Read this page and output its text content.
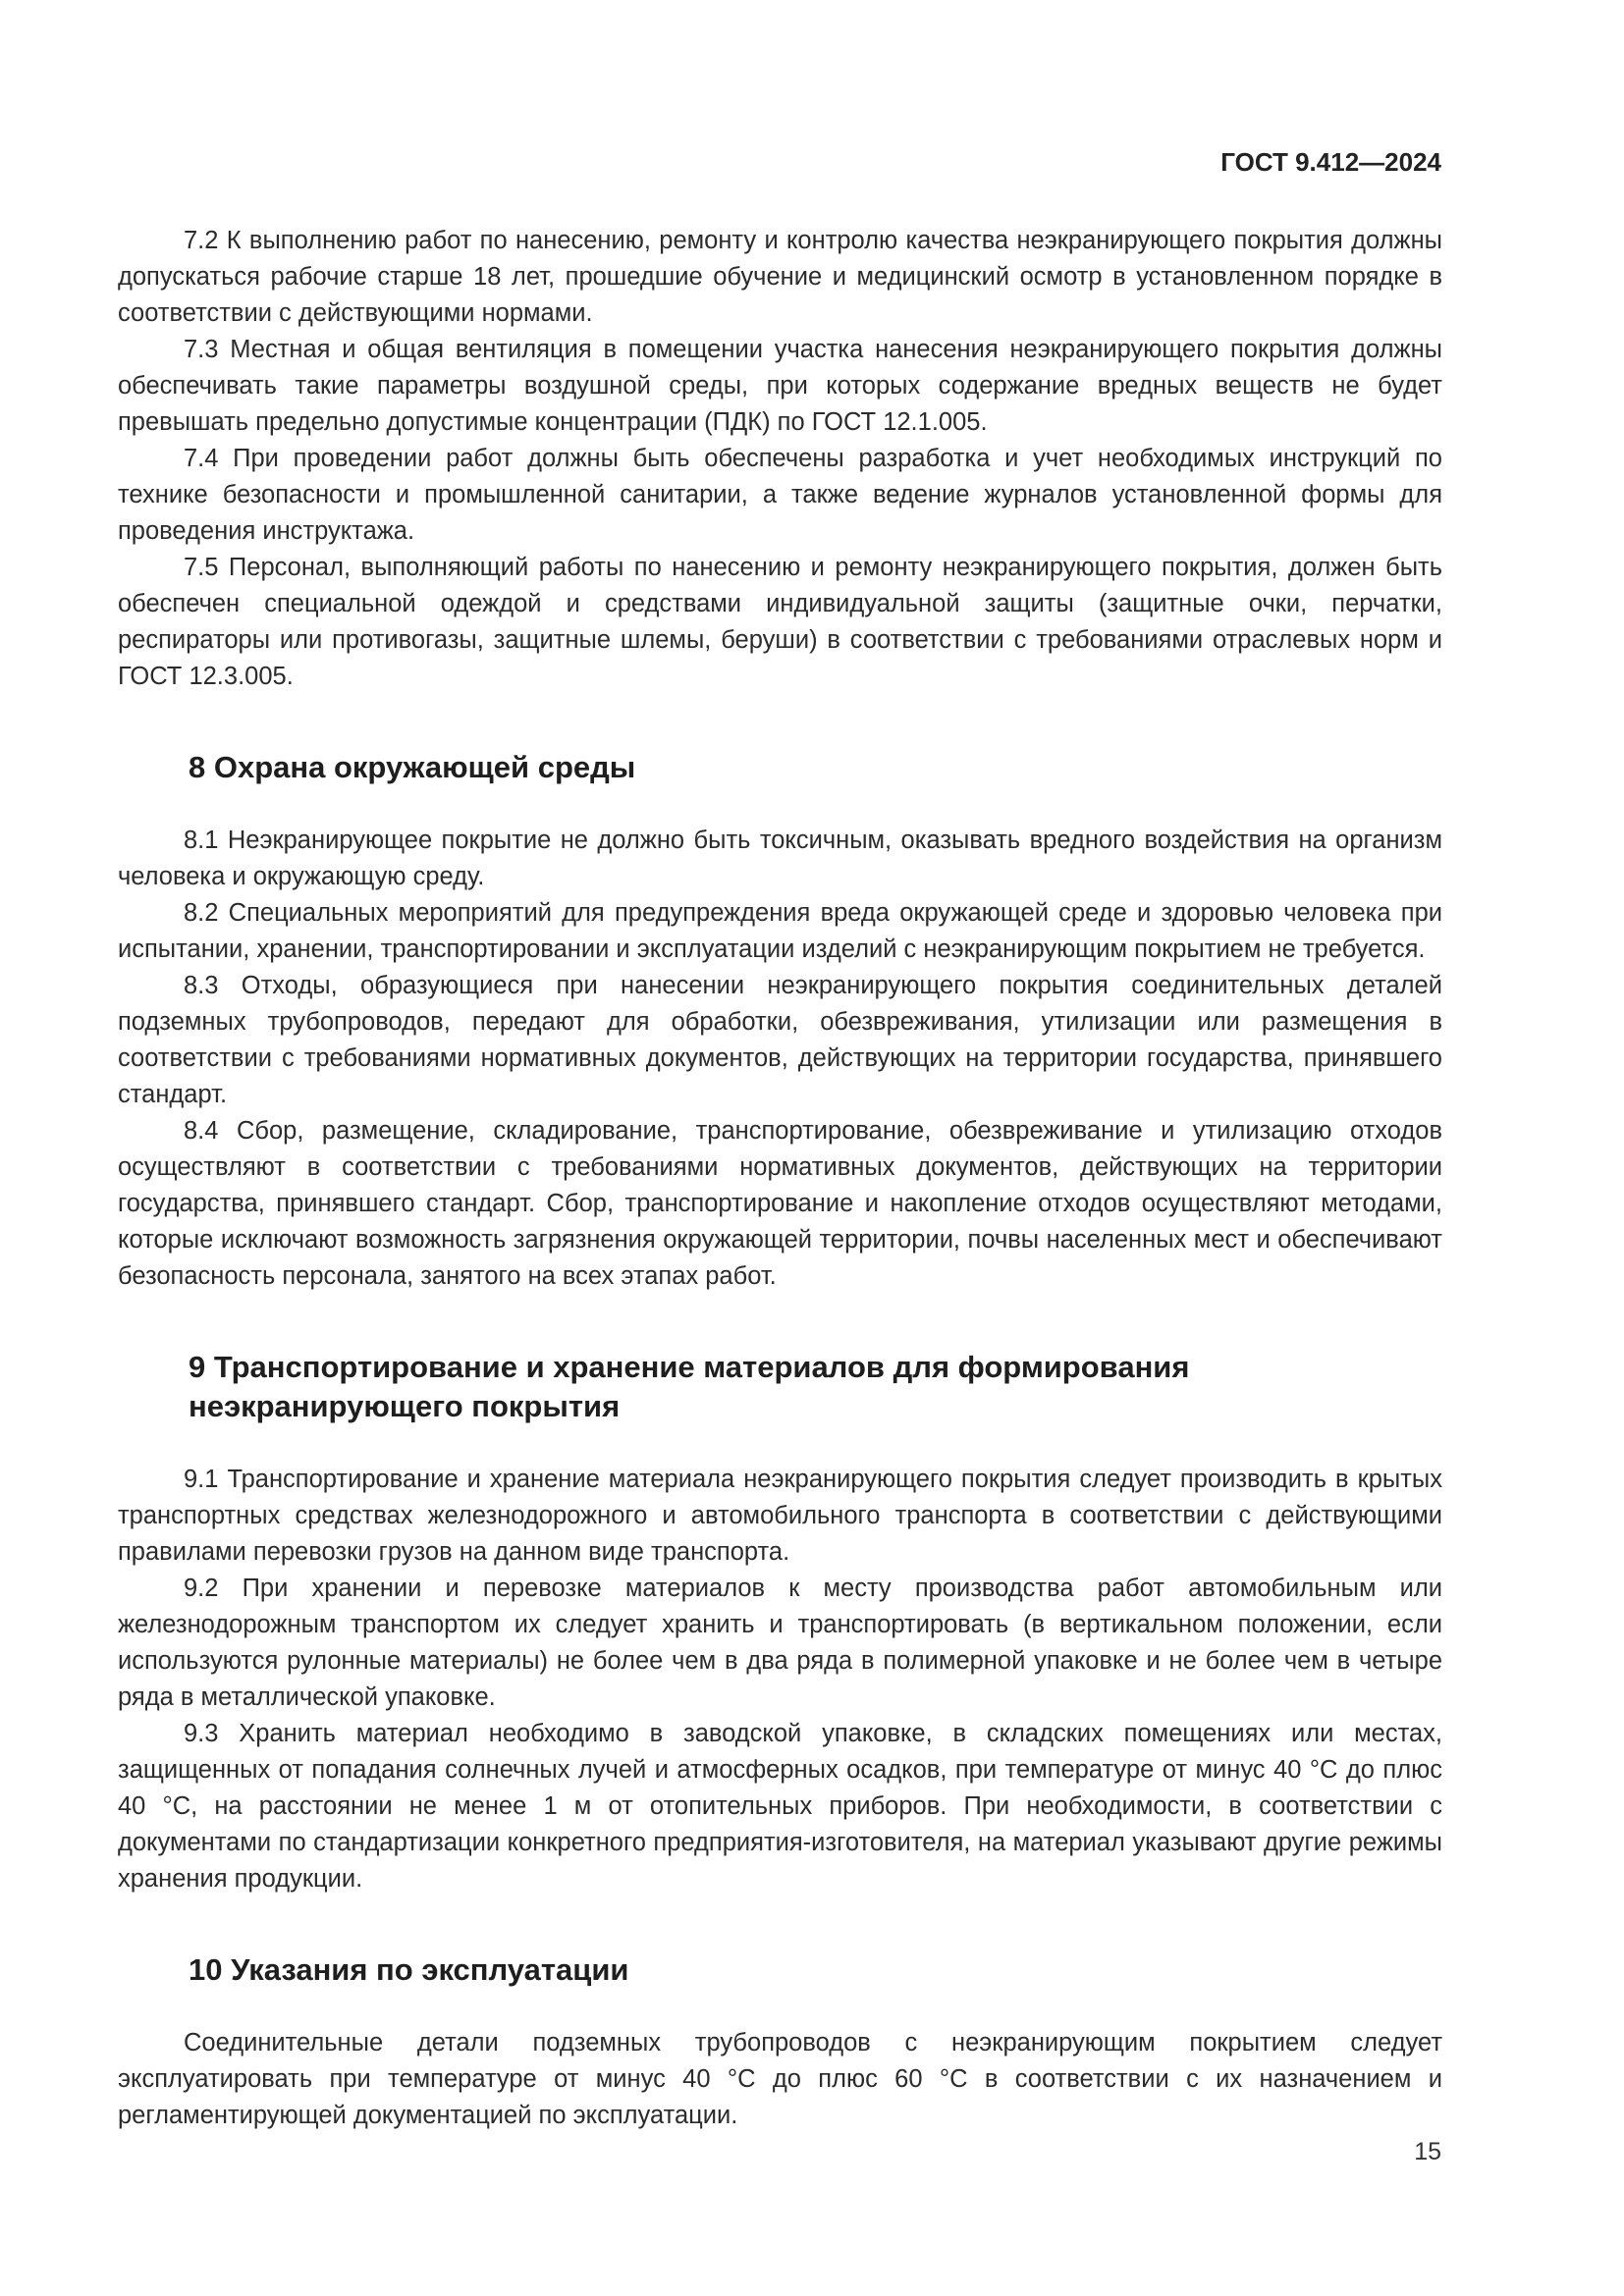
ГОСТ 9.412—2024

7.2 К выполнению работ по нанесению, ремонту и контролю качества неэкранирующего покрытия должны допускаться рабочие старше 18 лет, прошедшие обучение и медицинский осмотр в установленном порядке в соответствии с действующими нормами.

7.3 Местная и общая вентиляция в помещении участка нанесения неэкранирующего покрытия должны обеспечивать такие параметры воздушной среды, при которых содержание вредных веществ не будет превышать предельно допустимые концентрации (ПДК) по ГОСТ 12.1.005.

7.4 При проведении работ должны быть обеспечены разработка и учет необходимых инструкций по технике безопасности и промышленной санитарии, а также ведение журналов установленной формы для проведения инструктажа.

7.5 Персонал, выполняющий работы по нанесению и ремонту неэкранирующего покрытия, должен быть обеспечен специальной одеждой и средствами индивидуальной защиты (защитные очки, перчатки, респираторы или противогазы, защитные шлемы, беруши) в соответствии с требованиями отраслевых норм и ГОСТ 12.3.005.

8 Охрана окружающей среды

8.1 Неэкранирующее покрытие не должно быть токсичным, оказывать вредного воздействия на организм человека и окружающую среду.

8.2 Специальных мероприятий для предупреждения вреда окружающей среде и здоровью человека при испытании, хранении, транспортировании и эксплуатации изделий с неэкранирующим покрытием не требуется.

8.3 Отходы, образующиеся при нанесении неэкранирующего покрытия соединительных деталей подземных трубопроводов, передают для обработки, обезвреживания, утилизации или размещения в соответствии с требованиями нормативных документов, действующих на территории государства, принявшего стандарт.

8.4 Сбор, размещение, складирование, транспортирование, обезвреживание и утилизацию отходов осуществляют в соответствии с требованиями нормативных документов, действующих на территории государства, принявшего стандарт. Сбор, транспортирование и накопление отходов осуществляют методами, которые исключают возможность загрязнения окружающей территории, почвы населенных мест и обеспечивают безопасность персонала, занятого на всех этапах работ.

9 Транспортирование и хранение материалов для формирования неэкранирующего покрытия

9.1 Транспортирование и хранение материала неэкранирующего покрытия следует производить в крытых транспортных средствах железнодорожного и автомобильного транспорта в соответствии с действующими правилами перевозки грузов на данном виде транспорта.

9.2 При хранении и перевозке материалов к месту производства работ автомобильным или железнодорожным транспортом их следует хранить и транспортировать (в вертикальном положении, если используются рулонные материалы) не более чем в два ряда в полимерной упаковке и не более чем в четыре ряда в металлической упаковке.

9.3 Хранить материал необходимо в заводской упаковке, в складских помещениях или местах, защищенных от попадания солнечных лучей и атмосферных осадков, при температуре от минус 40 °С до плюс 40 °С, на расстоянии не менее 1 м от отопительных приборов. При необходимости, в соответствии с документами по стандартизации конкретного предприятия-изготовителя, на материал указывают другие режимы хранения продукции.

10 Указания по эксплуатации

Соединительные детали подземных трубопроводов с неэкранирующим покрытием следует эксплуатировать при температуре от минус 40 °С до плюс 60 °С в соответствии с их назначением и регламентирующей документацией по эксплуатации.

15
